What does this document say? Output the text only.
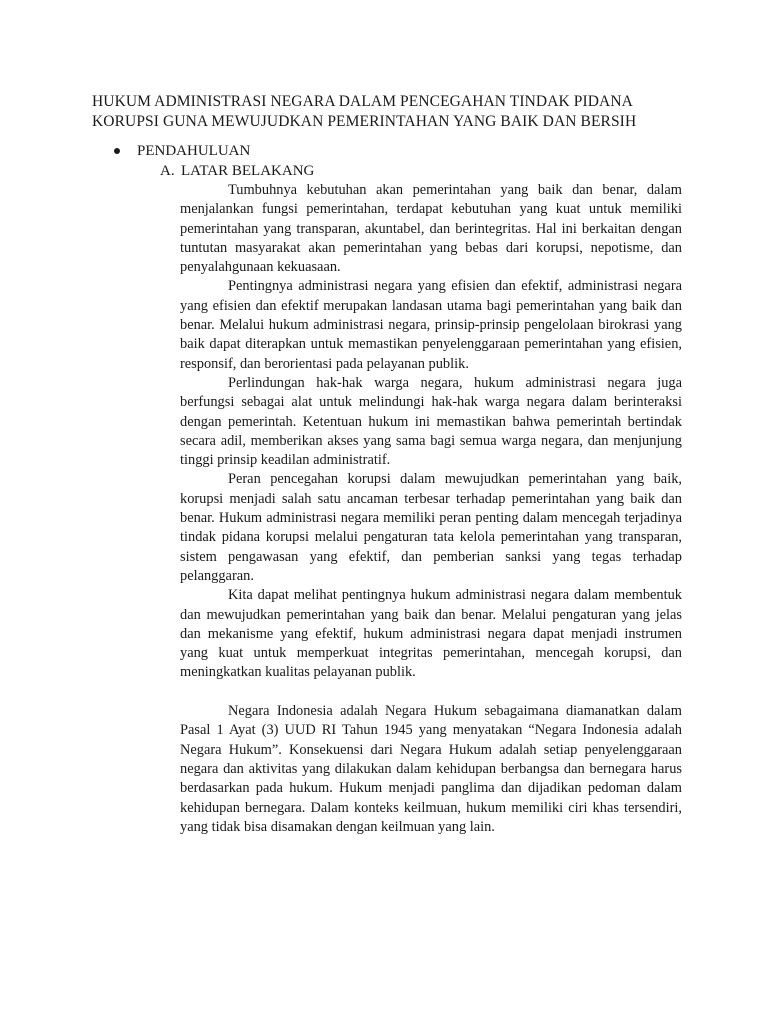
HUKUM ADMINISTRASI NEGARA DALAM PENCEGAHAN TINDAK PIDANA
KORUPSI GUNA MEWUJUDKAN PEMERINTAHAN YANG BAIK DAN BERSIH
PENDAHULUAN
A. LATAR BELAKANG

Tumbuhnya kebutuhan akan pemerintahan yang baik dan benar, dalam menjalankan fungsi pemerintahan, terdapat kebutuhan yang kuat untuk memiliki pemerintahan yang transparan, akuntabel, dan berintegritas. Hal ini berkaitan dengan tuntutan masyarakat akan pemerintahan yang bebas dari korupsi, nepotisme, dan penyalahgunaan kekuasaan.

Pentingnya administrasi negara yang efisien dan efektif, administrasi negara yang efisien dan efektif merupakan landasan utama bagi pemerintahan yang baik dan benar. Melalui hukum administrasi negara, prinsip-prinsip pengelolaan birokrasi yang baik dapat diterapkan untuk memastikan penyelenggaraan pemerintahan yang efisien, responsif, dan berorientasi pada pelayanan publik.

Perlindungan hak-hak warga negara, hukum administrasi negara juga berfungsi sebagai alat untuk melindungi hak-hak warga negara dalam berinteraksi dengan pemerintah. Ketentuan hukum ini memastikan bahwa pemerintah bertindak secara adil, memberikan akses yang sama bagi semua warga negara, dan menjunjung tinggi prinsip keadilan administratif.

Peran pencegahan korupsi dalam mewujudkan pemerintahan yang baik, korupsi menjadi salah satu ancaman terbesar terhadap pemerintahan yang baik dan benar. Hukum administrasi negara memiliki peran penting dalam mencegah terjadinya tindak pidana korupsi melalui pengaturan tata kelola pemerintahan yang transparan, sistem pengawasan yang efektif, dan pemberian sanksi yang tegas terhadap pelanggaran.

Kita dapat melihat pentingnya hukum administrasi negara dalam membentuk dan mewujudkan pemerintahan yang baik dan benar. Melalui pengaturan yang jelas dan mekanisme yang efektif, hukum administrasi negara dapat menjadi instrumen yang kuat untuk memperkuat integritas pemerintahan, mencegah korupsi, dan meningkatkan kualitas pelayanan publik.

Negara Indonesia adalah Negara Hukum sebagaimana diamanatkan dalam Pasal 1 Ayat (3) UUD RI Tahun 1945 yang menyatakan “Negara Indonesia adalah Negara Hukum”. Konsekuensi dari Negara Hukum adalah setiap penyelenggaraan negara dan aktivitas yang dilakukan dalam kehidupan berbangsa dan bernegara harus berdasarkan pada hukum. Hukum menjadi panglima dan dijadikan pedoman dalam kehidupan bernegara. Dalam konteks keilmuan, hukum memiliki ciri khas tersendiri, yang tidak bisa disamakan dengan keilmuan yang lain.
